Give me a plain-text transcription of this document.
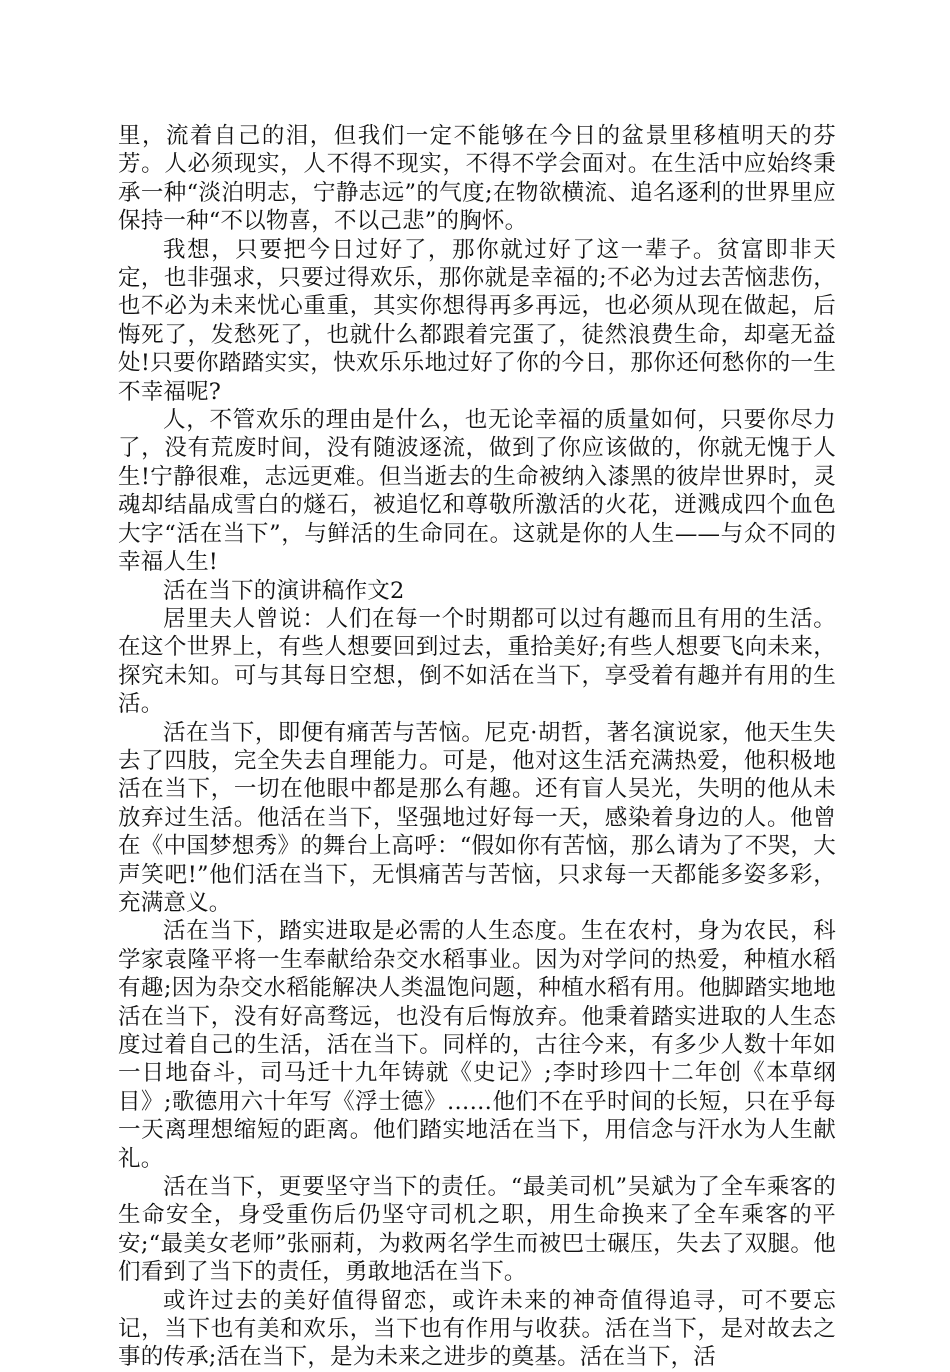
里，流着自己的泪，但我们一定不能够在今日的盆景里移植明天的芬芳。人必须现实，人不得不现实，不得不学会面对。在生活中应始终秉承一种“淡泊明志，宁静志远”的气度;在物欲横流、追名逐利的世界里应保持一种“不以物喜，不以己悲”的胸怀。

我想，只要把今日过好了，那你就过好了这一辈子。贫富即非天定，也非强求，只要过得欢乐，那你就是幸福的;不必为过去苦恼悲伤，也不必为未来忧心重重，其实你想得再多再远，也必须从现在做起，后悔死了，发愁死了，也就什么都跟着完蛋了，徒然浪费生命，却毫无益处!只要你踏踏实实，快欢乐乐地过好了你的今日，那你还何愁你的一生不幸福呢?

人，不管欢乐的理由是什么，也无论幸福的质量如何，只要你尽力了，没有荒废时间，没有随波逐流，做到了你应该做的，你就无愧于人生!宁静很难，志远更难。但当逝去的生命被纳入漆黑的彼岸世界时，灵魂却结晶成雪白的燧石，被追忆和尊敬所激活的火花，迸溅成四个血色大字“活在当下”，与鲜活的生命同在。这就是你的人生——与众不同的幸福人生!

活在当下的演讲稿作文2

居里夫人曾说：人们在每一个时期都可以过有趣而且有用的生活。在这个世界上，有些人想要回到过去，重拾美好;有些人想要飞向未来，探究未知。可与其每日空想，倒不如活在当下，享受着有趣并有用的生活。

活在当下，即便有痛苦与苦恼。尼克·胡哲，著名演说家，他天生失去了四肢，完全失去自理能力。可是，他对这生活充满热爱，他积极地活在当下，一切在他眼中都是那么有趣。还有盲人吴光，失明的他从未放弃过生活。他活在当下，坚强地过好每一天，感染着身边的人。他曾在《中国梦想秀》的舞台上高呼：“假如你有苦恼，那么请为了不哭，大声笑吧!”他们活在当下，无惧痛苦与苦恼，只求每一天都能多姿多彩，充满意义。

活在当下，踏实进取是必需的人生态度。生在农村，身为农民，科学家袁隆平将一生奉献给杂交水稻事业。因为对学问的热爱，种植水稻有趣;因为杂交水稻能解决人类温饱问题，种植水稻有用。他脚踏实地地活在当下，没有好高骛远，也没有后悔放弃。他秉着踏实进取的人生态度过着自己的生活，活在当下。同样的，古往今来，有多少人数十年如一日地奋斗，司马迁十九年铸就《史记》;李时珍四十二年创《本草纲目》;歌德用六十年写《浮士德》……他们不在乎时间的长短，只在乎每一天离理想缩短的距离。他们踏实地活在当下，用信念与汗水为人生献礼。

活在当下，更要坚守当下的责任。“最美司机”吴斌为了全车乘客的生命安全，身受重伤后仍坚守司机之职，用生命换来了全车乘客的平安;“最美女老师”张丽莉，为救两名学生而被巴士碾压，失去了双腿。他们看到了当下的责任，勇敢地活在当下。

或许过去的美好值得留恋，或许未来的神奇值得追寻，可不要忘记，当下也有美和欢乐，当下也有作用与收获。活在当下，是对故去之事的传承;活在当下，是为未来之进步的奠基。活在当下，活
